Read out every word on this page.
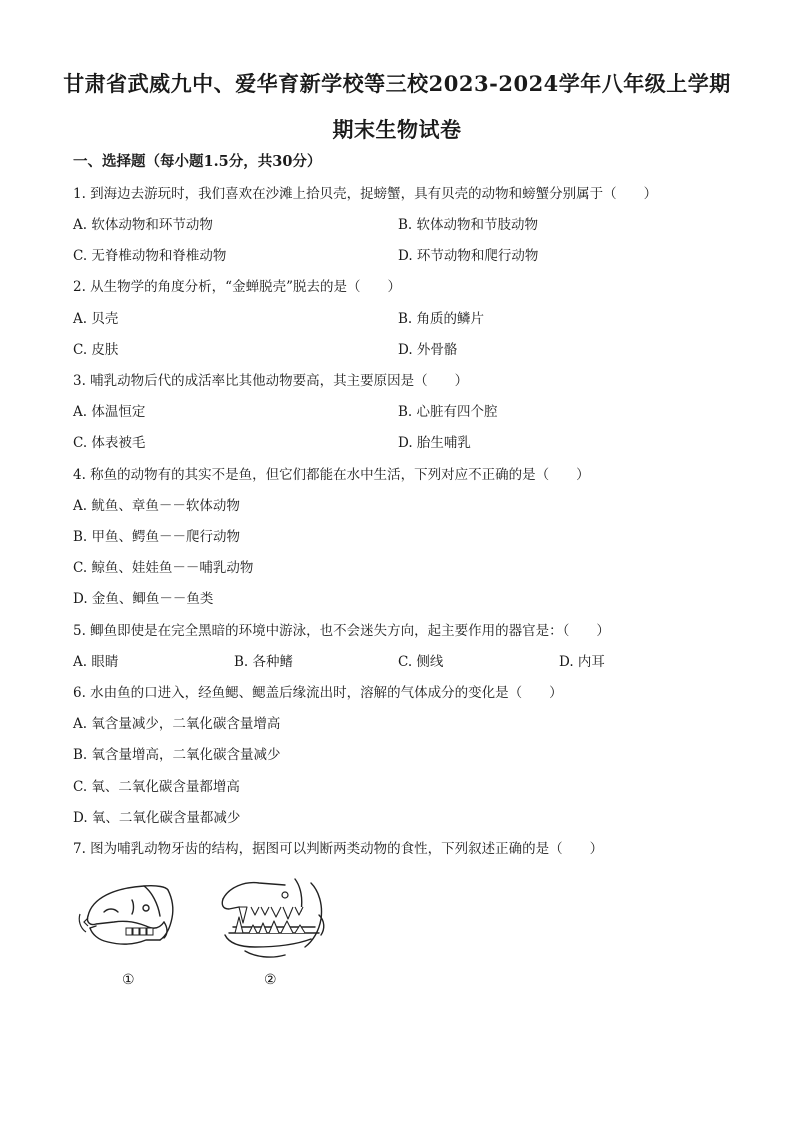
甘肃省武威九中、爱华育新学校等三校2023-2024学年八年级上学期
期末生物试卷
一、选择题（每小题1.5分，共30分）
1. 到海边去游玩时，我们喜欢在沙滩上拾贝壳，捉螃蟹，具有贝壳的动物和螃蟹分别属于（　　）
A. 软体动物和环节动物	B. 软体动物和节肢动物
C. 无脊椎动物和脊椎动物	D. 环节动物和爬行动物
2. 从生物学的角度分析，“金蝉脱壳”脱去的是（　　）
A. 贝壳	B. 角质的鳞片
C. 皮肤	D. 外骨骼
3. 哺乳动物后代的成活率比其他动物要高，其主要原因是（　　）
A. 体温恒定	B. 心脏有四个腔
C. 体表被毛	D. 胎生哺乳
4. 称鱼的动物有的其实不是鱼，但它们都能在水中生活，下列对应不正确的是（　　）
A. 鱿鱼、章鱼－－软体动物
B. 甲鱼、鳄鱼－－爬行动物
C. 鲸鱼、娃娃鱼－－哺乳动物
D. 金鱼、鲫鱼－－鱼类
5. 鲫鱼即使是在完全黑暗的环境中游泳，也不会迷失方向，起主要作用的器官是：（　　）
A. 眼睛	B. 各种鳍	C. 侧线	D. 内耳
6. 水由鱼的口进入，经鱼鳃、鳃盖后缘流出时，溶解的气体成分的变化是（　　）
A. 氧含量减少，二氧化碳含量增高
B. 氧含量增高，二氧化碳含量减少
C. 氧、二氧化碳含量都增高
D. 氧、二氧化碳含量都减少
7. 图为哺乳动物牙齿的结构，据图可以判断两类动物的食性，下列叙述正确的是（　　）
①	②
